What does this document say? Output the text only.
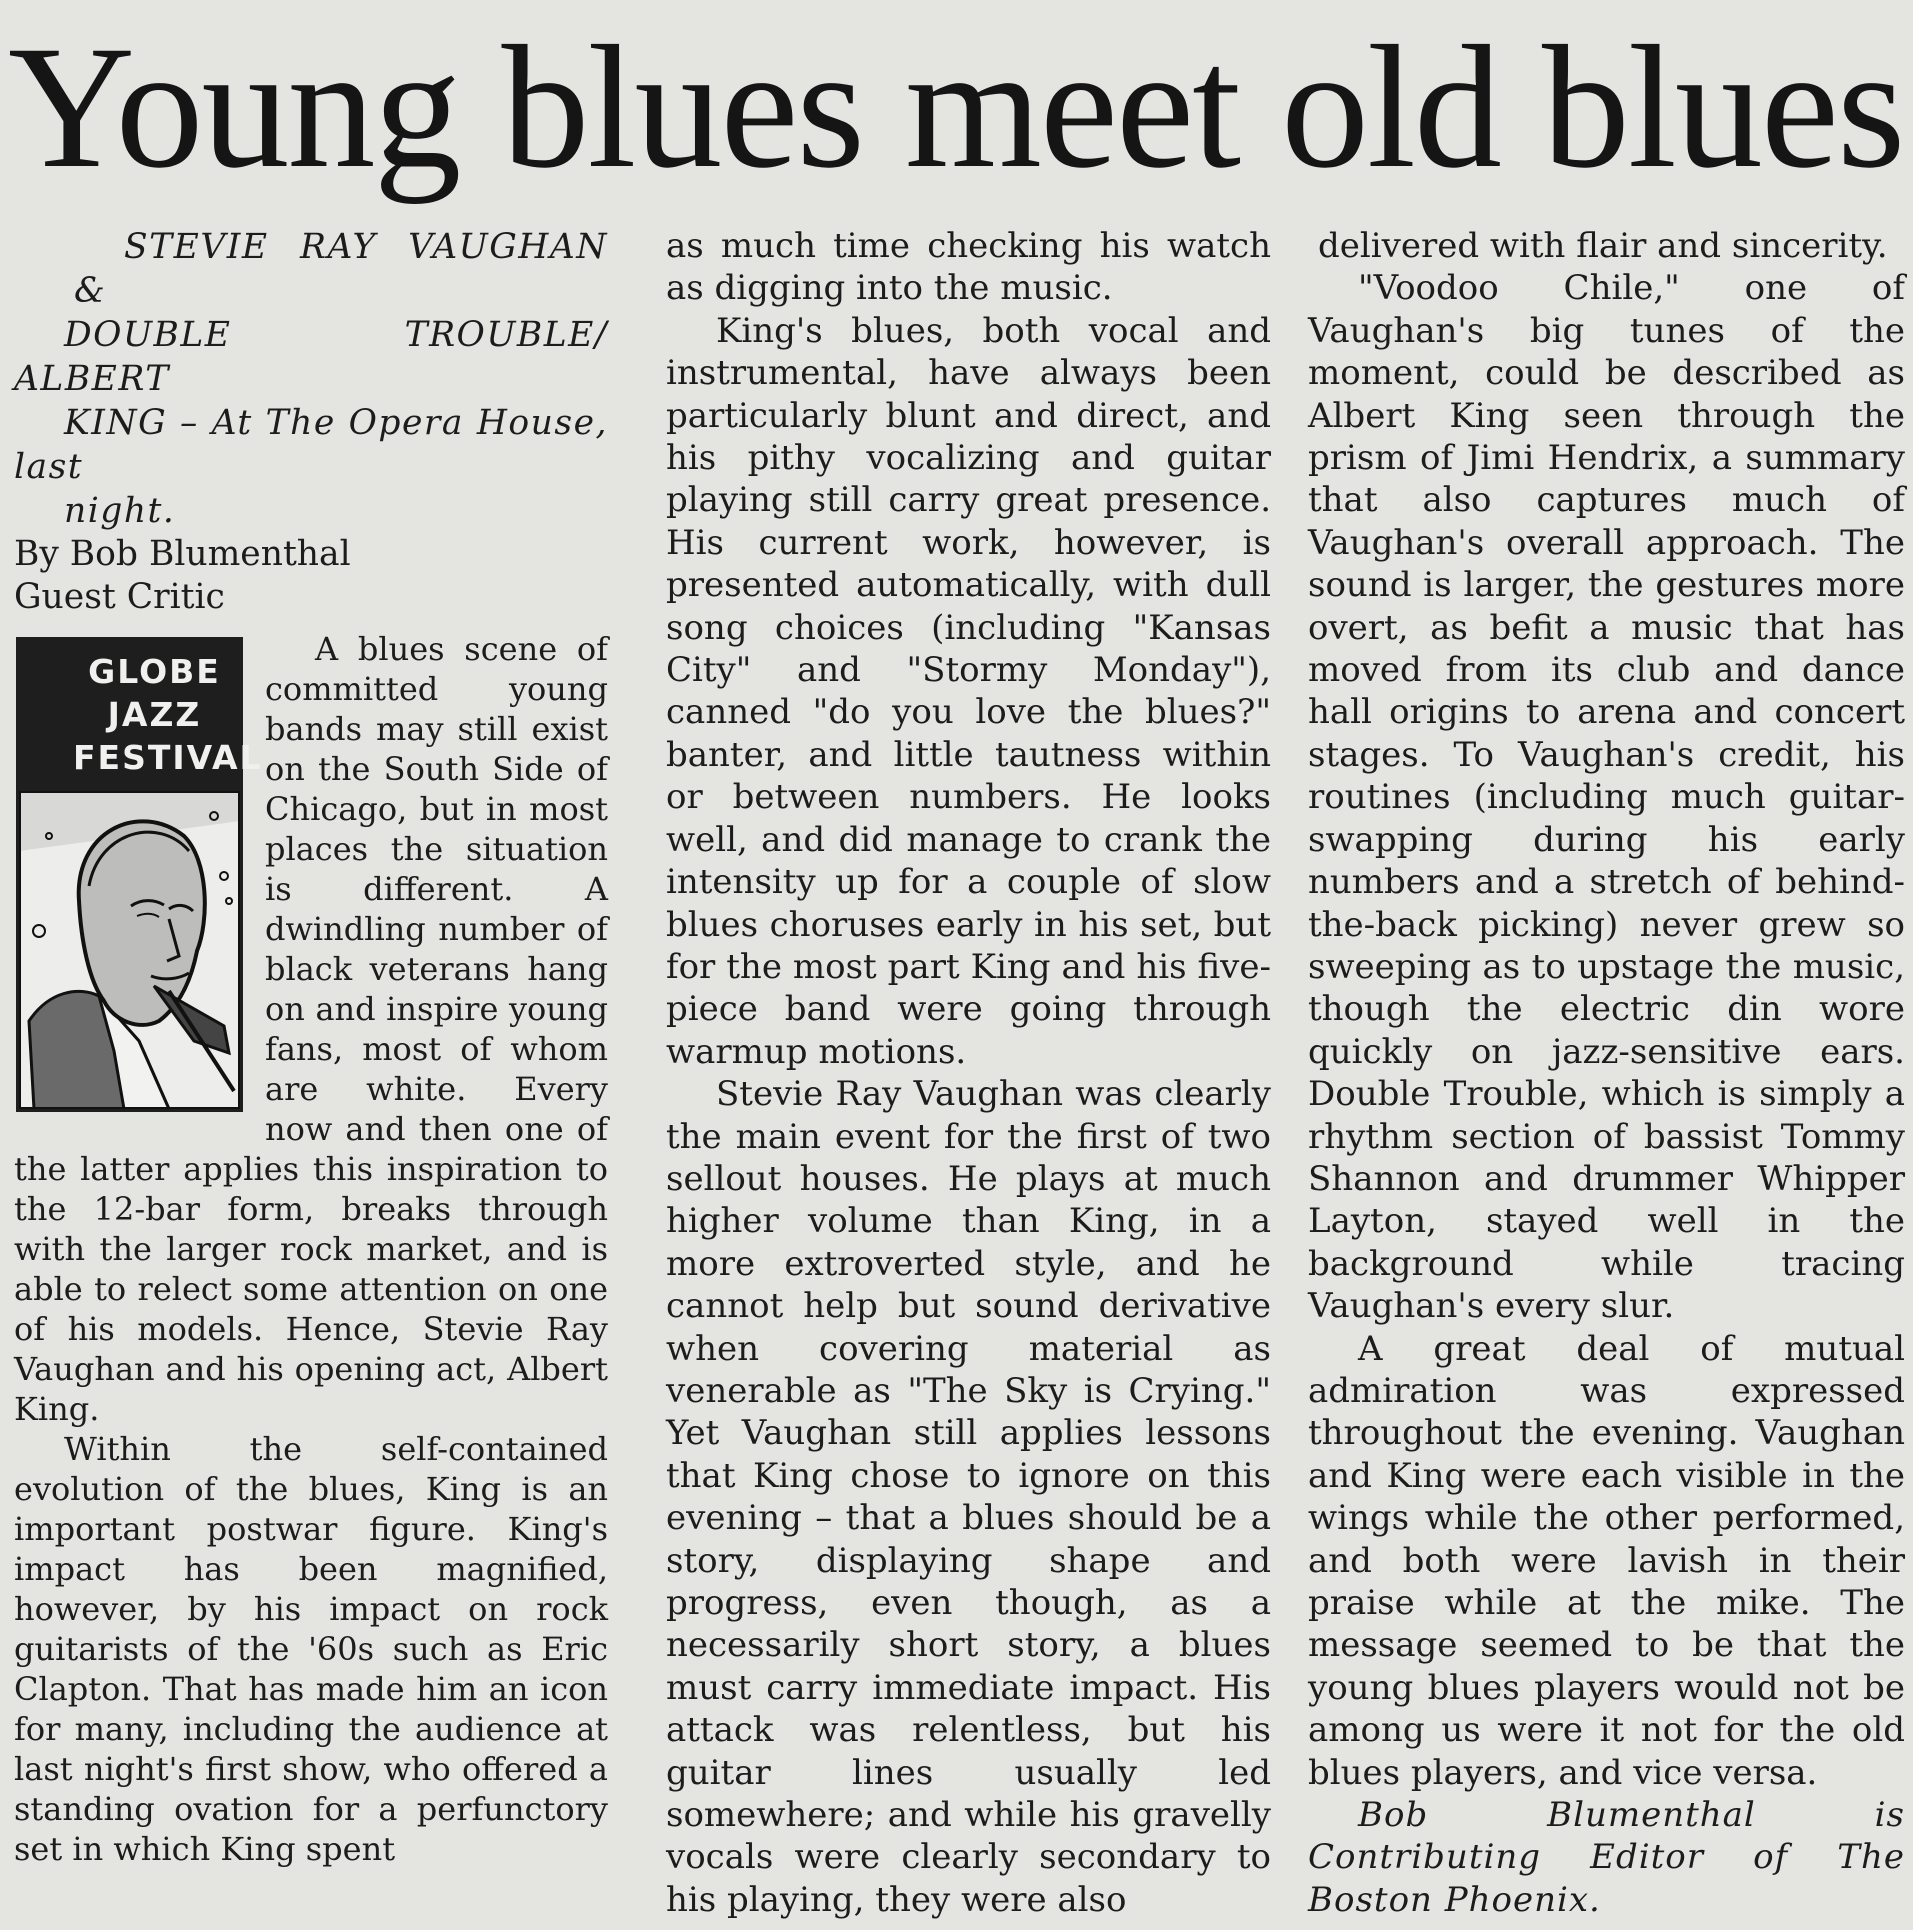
Young blues meet old blues

STEVIE RAY VAUGHAN &
DOUBLE TROUBLE/ ALBERT
KING – At The Opera House, last
night.

By Bob Blumenthal
Guest Critic

GLOBE
JAZZ
FESTIVAL
A blues scene of committed young bands may still exist on the South Side of Chicago, but in most places the situation is different. A dwindling number of black veterans hang on and inspire young fans, most of whom are white. Every now and then one of the latter applies this inspiration to the 12-bar form, breaks through with the larger rock market, and is able to relect some attention on one of his models. Hence, Stevie Ray Vaughan and his opening act, Albert King.

Within the self-contained evolution of the blues, King is an important postwar figure. King's impact has been magnified, however, by his impact on rock guitarists of the '60s such as Eric Clapton. That has made him an icon for many, including the audience at last night's first show, who offered a standing ovation for a perfunctory set in which King spent

as much time checking his watch as digging into the music.

King's blues, both vocal and instrumental, have always been particularly blunt and direct, and his pithy vocalizing and guitar playing still carry great presence. His current work, however, is presented automatically, with dull song choices (including "Kansas City" and "Stormy Monday"), canned "do you love the blues?" banter, and little tautness within or between numbers. He looks well, and did manage to crank the intensity up for a couple of slow blues choruses early in his set, but for the most part King and his five-piece band were going through warmup motions.

Stevie Ray Vaughan was clearly the main event for the first of two sellout houses. He plays at much higher volume than King, in a more extroverted style, and he cannot help but sound derivative when covering material as venerable as "The Sky is Crying." Yet Vaughan still applies lessons that King chose to ignore on this evening – that a blues should be a story, displaying shape and progress, even though, as a necessarily short story, a blues must carry immediate impact. His attack was relentless, but his guitar lines usually led somewhere; and while his gravelly vocals were clearly secondary to his playing, they were also

delivered with flair and sincerity.

"Voodoo Chile," one of Vaughan's big tunes of the moment, could be described as Albert King seen through the prism of Jimi Hendrix, a summary that also captures much of Vaughan's overall approach. The sound is larger, the gestures more overt, as befit a music that has moved from its club and dance hall origins to arena and concert stages. To Vaughan's credit, his routines (including much guitar-swapping during his early numbers and a stretch of behind-the-back picking) never grew so sweeping as to upstage the music, though the electric din wore quickly on jazz-sensitive ears. Double Trouble, which is simply a rhythm section of bassist Tommy Shannon and drummer Whipper Layton, stayed well in the background while tracing Vaughan's every slur.

A great deal of mutual admiration was expressed throughout the evening. Vaughan and King were each visible in the wings while the other performed, and both were lavish in their praise while at the mike. The message seemed to be that the young blues players would not be among us were it not for the old blues players, and vice versa.

Bob Blumenthal is Contributing Editor of The Boston Phoenix.
